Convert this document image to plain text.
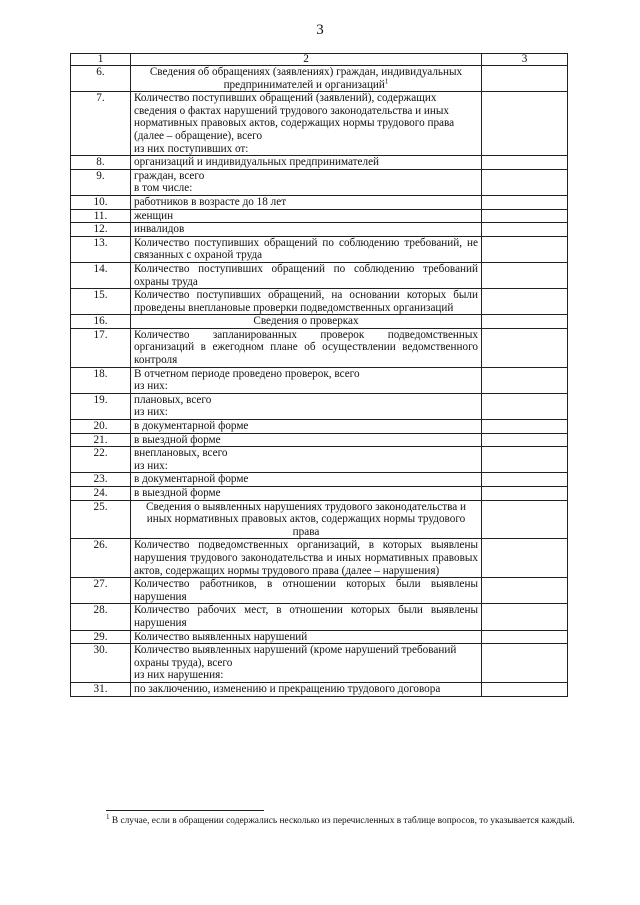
3
1	2	3
6.	Сведения об обращениях (заявлениях) граждан, индивидуальных предпринимателей и организаций$^1$	
7.	Количество поступивших обращений (заявлений), содержащих сведения о фактах нарушений трудового законодательства и иных нормативных правовых актов, содержащих нормы трудового права (далее – обращение), всего
из них поступивших от:	
8.	организаций и индивидуальных предпринимателей	
9.	граждан, всего
в том числе:	
10.	работников в возрасте до 18 лет	
11.	женщин	
12.	инвалидов	
13.	Количество поступивших обращений по соблюдению требований, не связанных с охраной труда	
14.	Количество поступивших обращений по соблюдению требований охраны труда	
15.	Количество поступивших обращений, на основании которых были проведены внеплановые проверки подведомственных организаций	
16.	Сведения о проверках	
17.	Количество запланированных проверок подведомственных организаций в ежегодном плане об осуществлении ведомственного контроля	
18.	В отчетном периоде проведено проверок, всего
из них:	
19.	плановых, всего
из них:	
20.	в документарной форме	
21.	в выездной форме	
22.	внеплановых, всего
из них:	
23.	в документарной форме	
24.	в выездной форме	
25.	Сведения о выявленных нарушениях трудового законодательства и иных нормативных правовых актов, содержащих нормы трудового права	
26.	Количество подведомственных организаций, в которых выявлены нарушения трудового законодательства и иных нормативных правовых актов, содержащих нормы трудового права (далее – нарушения)	
27.	Количество работников, в отношении которых были выявлены нарушения	
28.	Количество рабочих мест, в отношении которых были выявлены нарушения	
29.	Количество выявленных нарушений	
30.	Количество выявленных нарушений (кроме нарушений требований охраны труда), всего
из них нарушения:	
31.	по заключению, изменению и прекращению трудового договора	
$^1$ В случае, если в обращении содержались несколько из перечисленных в таблице вопросов, то указывается каждый.
